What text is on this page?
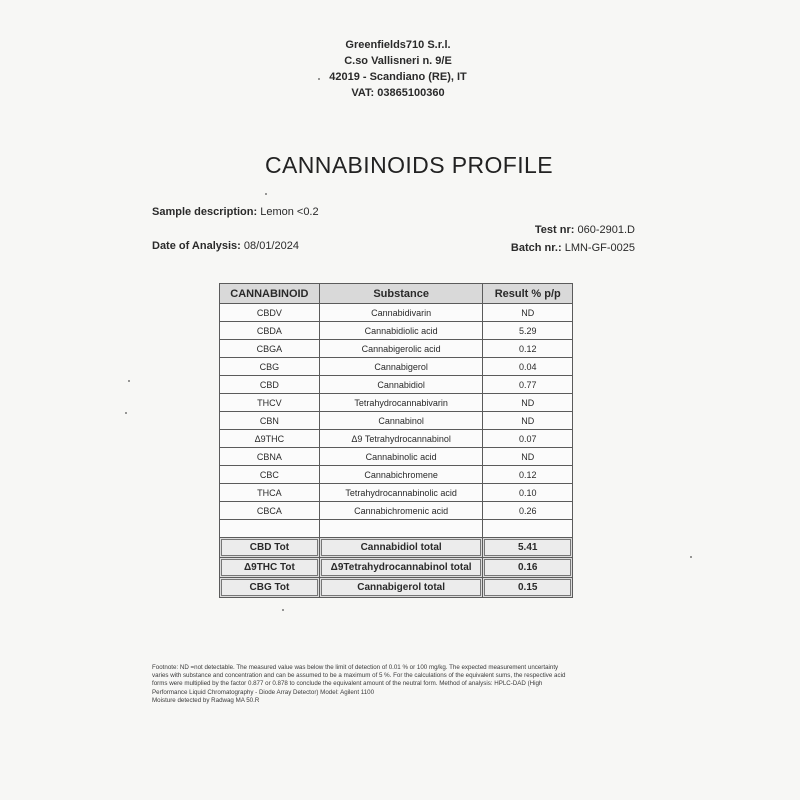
Greenfields710 S.r.l.
C.so Vallisneri n. 9/E
42019 - Scandiano (RE), IT
VAT: 03865100360
CANNABINOIDS PROFILE
Sample description: Lemon <0.2
Date of Analysis: 08/01/2024
Test nr: 060-2901.D
Batch nr.: LMN-GF-0025
CANNABINOID	Substance	Result % p/p
CBDV	Cannabidivarin	ND
CBDA	Cannabidiolic acid	5.29
CBGA	Cannabigerolic acid	0.12
CBG	Cannabigerol	0.04
CBD	Cannabidiol	0.77
THCV	Tetrahydrocannabivarin	ND
CBN	Cannabinol	ND
Δ9THC	Δ9 Tetrahydrocannabinol	0.07
CBNA	Cannabinolic acid	ND
CBC	Cannabichromene	0.12
THCA	Tetrahydrocannabinolic acid	0.10
CBCA	Cannabichromenic acid	0.26

CBD Tot	Cannabidiol total	5.41

Δ9THC Tot	Δ9Tetrahydrocannabinol total	0.16

CBG Tot	Cannabigerol total	0.15
Footnote: ND =not detectable. The measured value was below the limit of detection of 0.01 % or 100 mg/kg. The expected measurement uncertainty
varies with substance and concentration and can be assumed to be a maximum of 5 %. For the calculations of the equivalent sums, the respective acid
forms were multiplied by the factor 0.877 or 0.878 to conclude the equivalent amount of the neutral form. Method of analysis: HPLC-DAD (High
Performance Liquid Chromatography - Diode Array Detector) Model: Agilent 1100
Moisture detected by Radwag MA 50.R
